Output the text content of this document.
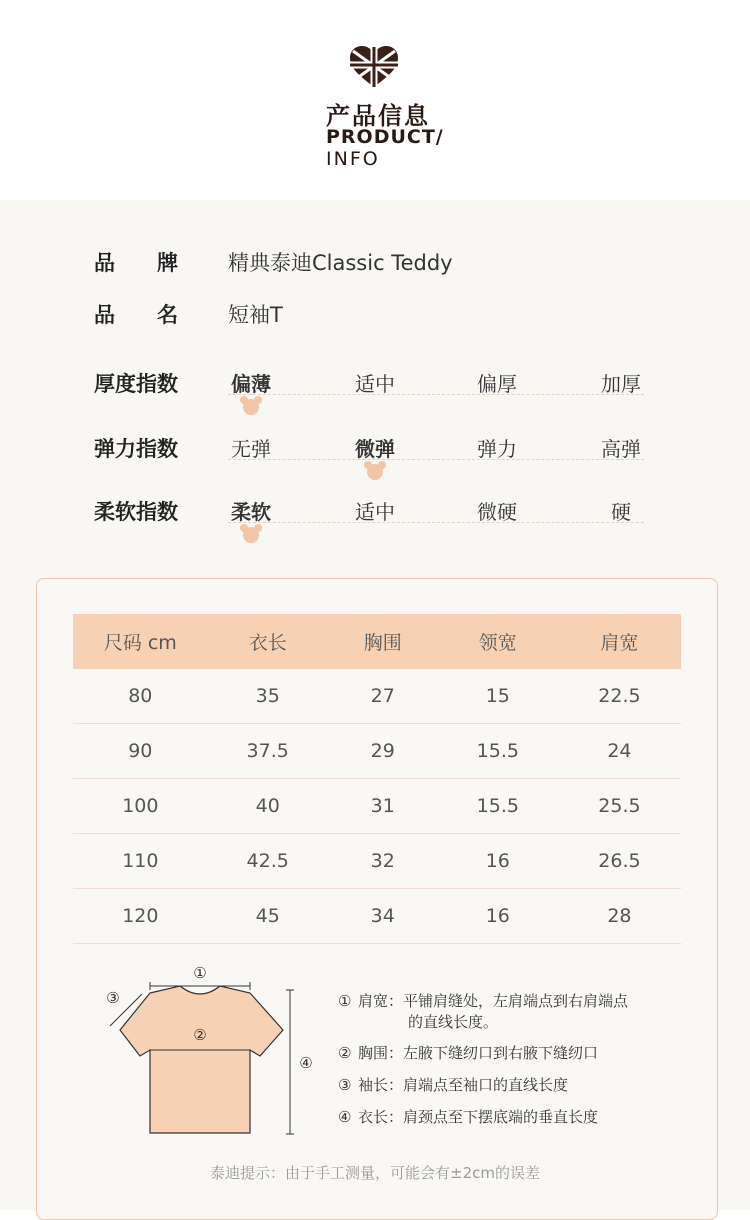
产品信息
PRODUCT/
INFO
品　　牌 精典泰迪Classic Teddy
品　　名 短袖T
厚度指数	偏薄	适中	偏厚	加厚
弹力指数	无弹	微弹	弹力	高弹
柔软指数	柔软	适中	微硬	硬
尺码 cm	衣长	胸围	领宽	肩宽
80	35	27	15	22.5
90	37.5	29	15.5	24
100	40	31	15.5	25.5
110	42.5	32	16	26.5
120	45	34	16	28
①
②
③
④
① 肩宽：平铺肩缝处，左肩端点到右肩端点
的直线长度。
② 胸围：左腋下缝纫口到右腋下缝纫口
③ 袖长：肩端点至袖口的直线长度
④ 衣长：肩颈点至下摆底端的垂直长度
泰迪提示：由于手工测量，可能会有±2cm的误差
